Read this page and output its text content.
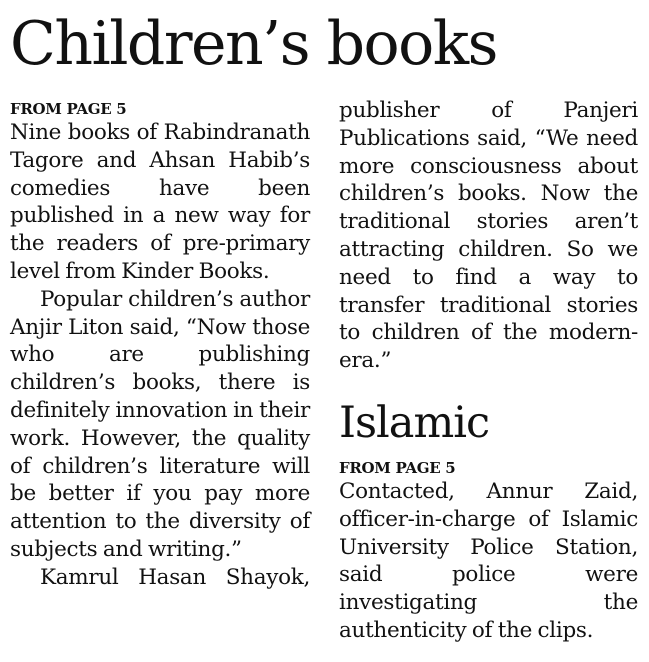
Children’s books

FROM PAGE 5

Nine books of Rabindranath Tagore and Ahsan Habib’s comedies have been published in a new way for the readers of pre-primary level from Kinder Books.

Popular children’s author Anjir Liton said, “Now those who are publishing children’s books, there is definitely innovation in their work. However, the quality of children’s literature will be better if you pay more attention to the diversity of subjects and writing.”

Kamrul Hasan Shayok,

publisher of Panjeri Publications said, “We need more consciousness about children’s books. Now the traditional stories aren’t attracting children. So we need to find a way to transfer traditional stories to children of the modern-era.”

Islamic

FROM PAGE 5

Contacted, Annur Zaid, officer-in-charge of Islamic University Police Station, said police were investigating the authenticity of the clips.
